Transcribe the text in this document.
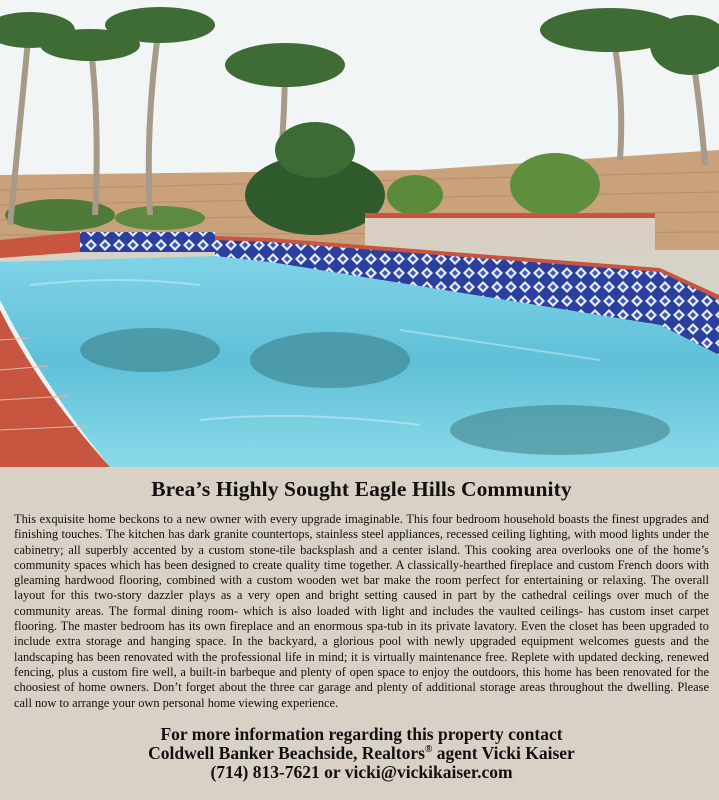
Brea’s Highly Sought Eagle Hills Community

This exquisite home beckons to a new owner with every upgrade imaginable. This four bedroom household boasts the finest upgrades and finishing touches. The kitchen has dark granite countertops, stainless steel appliances, recessed ceiling lighting, with mood lights under the cabinetry; all superbly accented by a custom stone-tile backsplash and a center island. This cooking area overlooks one of the home’s community spaces which has been designed to create quality time together. A classically-hearthed fireplace and custom French doors with gleaming hardwood flooring, combined with a custom wooden wet bar make the room perfect for entertaining or relaxing. The overall layout for this two-story dazzler plays as a very open and bright setting caused in part by the cathedral ceilings over much of the community areas. The formal dining room- which is also loaded with light and includes the vaulted ceilings- has custom inset carpet flooring. The master bedroom has its own fireplace and an enormous spa-tub in its private lavatory. Even the closet has been upgraded to include extra storage and hanging space. In the backyard, a glorious pool with newly upgraded equipment welcomes guests and the landscaping has been renovated with the professional life in mind; it is virtually maintenance free. Replete with updated decking, renewed fencing, plus a custom fire well, a built-in barbeque and plenty of open space to enjoy the outdoors, this home has been renovated for the choosiest of home owners. Don’t forget about the three car garage and plenty of additional storage areas throughout the dwelling. Please call now to arrange your own personal home viewing experience.

For more information regarding this property contact
Coldwell Banker Beachside, Realtors® agent Vicki Kaiser
(714) 813-7621 or vicki@vickikaiser.com
